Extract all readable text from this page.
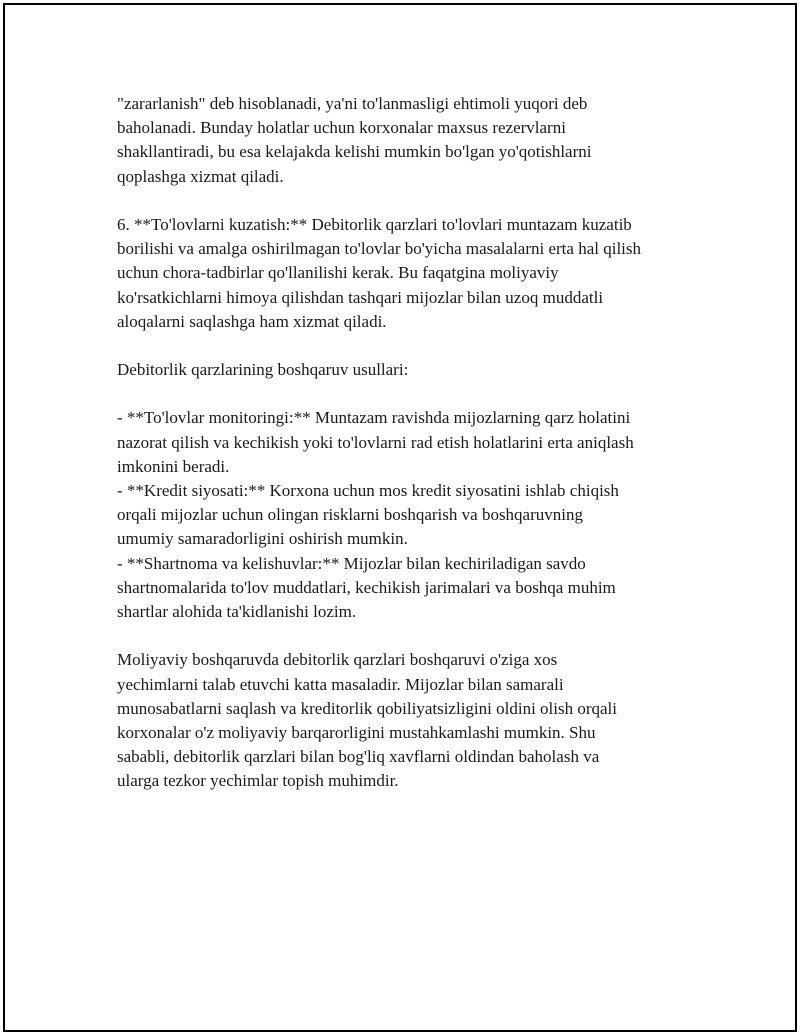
"zararlanish" deb hisoblanadi, ya'ni to'lanmasligi ehtimoli yuqori deb
baholanadi. Bunday holatlar uchun korxonalar maxsus rezervlarni
shakllantiradi, bu esa kelajakda kelishi mumkin bo'lgan yo'qotishlarni
qoplashga xizmat qiladi.
6. **To'lovlarni kuzatish:** Debitorlik qarzlari to'lovlari muntazam kuzatib
borilishi va amalga oshirilmagan to'lovlar bo'yicha masalalarni erta hal qilish
uchun chora-tadbirlar qo'llanilishi kerak. Bu faqatgina moliyaviy
ko'rsatkichlarni himoya qilishdan tashqari mijozlar bilan uzoq muddatli
aloqalarni saqlashga ham xizmat qiladi.
Debitorlik qarzlarining boshqaruv usullari:
- **To'lovlar monitoringi:** Muntazam ravishda mijozlarning qarz holatini
nazorat qilish va kechikish yoki to'lovlarni rad etish holatlarini erta aniqlash
imkonini beradi.
- **Kredit siyosati:** Korxona uchun mos kredit siyosatini ishlab chiqish
orqali mijozlar uchun olingan risklarni boshqarish va boshqaruvning
umumiy samaradorligini oshirish mumkin.
- **Shartnoma va kelishuvlar:** Mijozlar bilan kechiriladigan savdo
shartnomalarida to'lov muddatlari, kechikish jarimalari va boshqa muhim
shartlar alohida ta'kidlanishi lozim.
Moliyaviy boshqaruvda debitorlik qarzlari boshqaruvi o'ziga xos
yechimlarni talab etuvchi katta masaladir. Mijozlar bilan samarali
munosabatlarni saqlash va kreditorlik qobiliyatsizligini oldini olish orqali
korxonalar o'z moliyaviy barqarorligini mustahkamlashi mumkin. Shu
sababli, debitorlik qarzlari bilan bog'liq xavflarni oldindan baholash va
ularga tezkor yechimlar topish muhimdir.
